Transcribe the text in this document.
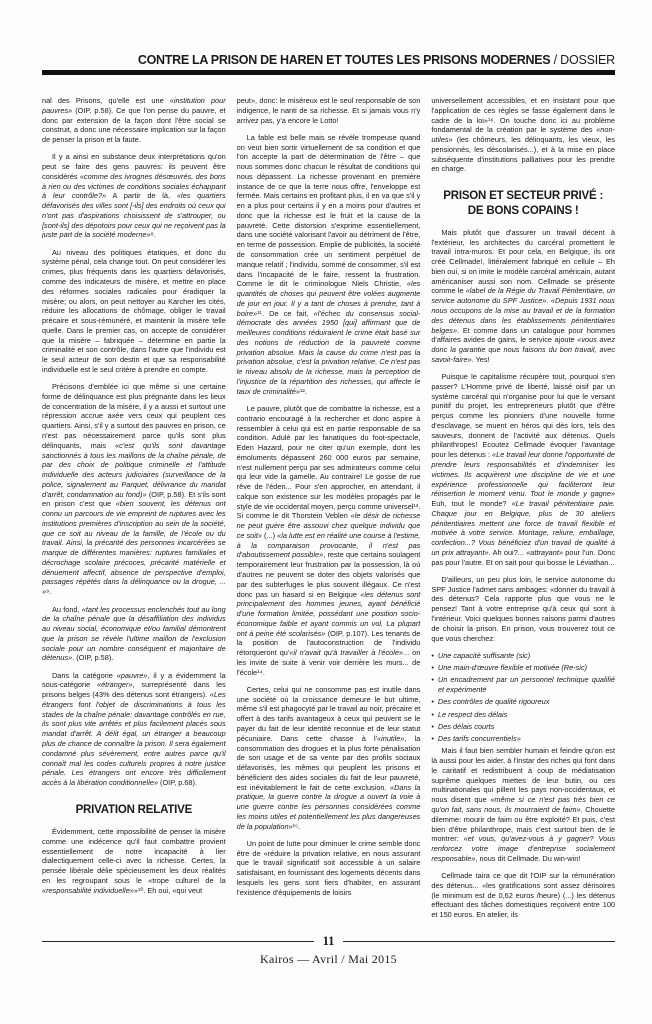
CONTRE LA PRISON DE HAREN ET TOUTES LES PRISONS MODERNES / DOSSIER

nal des Prisons, qu'elle est une «institution pour pauvres» (OIP, p.58). Ce que l'on pense du pauvre, et donc par extension de la façon dont l'être social se construit, a donc une nécessaire implication sur la façon de penser la prison et la faute.

Il y a ainsi en substance deux interprétations qu'on peut se faire des gens pauvres: ils peuvent être considérés «comme des ivrognes désœuvrés, des bons à rien ou des victimes de conditions sociales échappant à leur contrôle?» A partir de là, «les quartiers défavorisés des villes sont [-ils] des endroits où ceux qui n'ont pas d'aspirations choisissent de s'attrouper, ou [sont-ils] des dépotoirs pour ceux qui ne reçoivent pas la juste part de la société moderne»⁸.

Au niveau des politiques étatiques, et donc du système pénal, cela change tout. On peut considérer les crimes, plus fréquents dans les quartiers défavorisés, comme des indicateurs de misère, et mettre en place des réformes sociales radicales pour éradiquer la misère; ou alors, on peut nettoyer au Karcher les cités, réduire les allocations de chômage, obliger le travail précaire et sous-rémunéré, et maintenir la misère telle quelle. Dans le premier cas, on accepte de considérer que la misère – fabriquée – détermine en partie la criminalité et son contrôle, dans l'autre que l'individu est le seul acteur de son destin et que sa responsabilité individuelle est le seul critère à prendre en compte.

Précisons d'emblée ici que même si une certaine forme de délinquance est plus prégnante dans les lieux de concentration de la misère, il y a aussi et surtout une répression accrue axée vers ceux qui peuplent ces quartiers. Ainsi, s'il y a surtout des pauvres en prison, ce n'est pas nécessairement parce qu'ils sont plus délinquants, mais «c'est qu'ils sont davantage sanctionnés à tous les maillons de la chaîne pénale, de par des choix de politique criminelle et l'attitude individuelle des acteurs judiciaires (surveillance de la police, signalement au Parquet, délivrance du mandat d'arrêt, condamnation au fond)» (OIP, p.58). Et s'ils sont en prison c'est que «bien souvent, les détenus ont connu un parcours de vie empreint de ruptures avec les institutions premières d'inscription au sein de la société, que ce soit au niveau de la famille, de l'école ou du travail. Ainsi, la précarité des personnes incarcérées se marque de différentes manières: ruptures familiales et décrochage scolaire précoces, précarité matérielle et dénuement affectif, absence de perspective d'emploi, passages répétés dans la délinquance ou la drogue, ... »⁹.

Au fond, «tant les processus enclenchés tout au long de la chaîne pénale que la désaffiliation des individus au niveau social, économique et/ou familial démontrent que la prison se révèle l'ultime maillon de l'exclusion sociale pour un nombre conséquent et majoritaire de détenus». (OIP, p.58).

Dans la catégorie «pauvre», il y a évidemment la sous-catégorie «étranger», surreprésenté dans les prisons belges (43% des détenus sont étrangers). «Les étrangers font l'objet de discriminations à tous les stades de la chaîne pénale: davantage contrôlés en rue, ils sont plus vite arrêtés et plus facilement placés sous mandat d'arrêt. A délit égal, un étranger a beaucoup plus de chance de connaître la prison. Il sera également condamné plus sévèrement, entre autres parce qu'il connaît mal les codes culturels propres à notre justice pénale. Les étrangers ont encore très difficilement accès à la libération conditionnelle» (OIP, p.68).

PRIVATION RELATIVE

Évidemment, cette impossibilité de penser la misère comme une indécence qu'il faut combattre provient essentiellement de notre incapacité à lier dialectiquement celle-ci avec la richesse. Certes, la pensée libérale délie spécieusement les deux réalités en les regroupant sous le «trope culturel de la «responsabilité individuelle»»¹⁰. Eh oui, «qui veut

peut», donc: le miséreux est le seul responsable de son indigence, le nanti de sa richesse. Et si jamais vous n'y arrivez pas, y'a encore le Lotto!

La fable est belle mais se révèle trompeuse quand on veut bien sortir virtuellement de sa condition et que l'on accepte la part de détermination de l'être – que nous sommes donc chacun le résultat de conditions qui nous dépassent. La richesse provenant en première instance de ce que la terre nous offre, l'enveloppe est fermée. Mais certains en profitant plus, il en va que s'il y en a plus pour certains il y en a moins pour d'autres et donc que la richesse est le fruit et la cause de la pauvreté. Cette distorsion s'exprime essentiellement, dans une société valorisant l'avoir au détriment de l'être, en terme de possession. Emplie de publicités, la société de consommation crée un sentiment perpétuel de manque relatif ; l'individu, sommé de consommer, s'il est dans l'incapacité de le faire, ressent la frustration. Comme le dit le criminologue Niels Christie, «les quantités de choses qui peuvent être volées augmente de jour en jour. Il y a tant de choses à prendre, tant à boire»¹¹. De ce fait, «l'échec du consensus social-démocrate des années 1950 [qui] affirmant que de meilleures conditions réduiraient le crime était basé sur des notions de réduction de la pauvreté comme privation absolue. Mais la cause du crime n'est pas la privation absolue, c'est la privation relative. Ce n'est pas le niveau absolu de la richesse, mais la perception de l'injustice de la répartition des richesses, qui affecte le taux de criminalité»¹².

Le pauvre, plutôt que de combattre la richesse, est a contrario encouragé à la rechercher et donc aspire à ressembler à celui qui est en partie responsable de sa condition. Adulé par les fanatiques du foot-spectacle, Eden Hazard, pour ne citer qu'un exemple, dont les émoluments dépassent 260 000 euros par semaine, n'est nullement perçu par ses admirateurs comme celui qui leur vide la gamelle. Au contraire! Le gosse de rue rêve de l'éden... Pour s'en approcher, en attendant, il calque son existence sur les modèles propagés par le style de vie occidental moyen, perçu comme universel¹³. Si comme le dit Thorstein Veblen «le désir de richesse ne peut guère être assouvi chez quelque individu que ce soit» (...) «la lutte est en réalité une course à l'estime, à la comparaison provocante, il n'est pas d'aboutissement possible», reste que certains soulagent temporairement leur frustration par la possession, là où d'autres ne peuvent se doter des objets valorisés que par des subterfuges le plus souvent illégaux. Ce n'est donc pas un hasard si en Belgique «les détenus sont principalement des hommes jeunes, ayant bénéficié d'une formation limitée, possédant une position socio-économique faible et ayant commis un vol. La plupart ont à peine été scolarisés» (OIP, p.107). Les tenants de la position de l'autoconstruction de l'individu rétorqueront qu'«il n'avait qu'à travailler à l'école»... on les invite de suite à venir voir derrière les murs... de l'école¹⁴.

Certes, celui qui ne consomme pas est inutile dans une société où la croissance demeure le but ultime, même s'il est phagocyté par le travail au noir, précaire et offert à des tarifs avantageux à ceux qui peuvent se le payer du fait de leur identité reconnue et de leur statut pécuniaire. Dans cette chasse à l'«inutile», la consommation des drogues et la plus forte pénalisation de son usage et de sa vente par des profils sociaux défavorisés, les mêmes qui peuplent les prisons et bénéficient des aides sociales du fait de leur pauvreté, est inévitablement le fait de cette exclusion. «Dans la pratique, la guerre contre la drogue a ouvert la voie à une guerre contre les personnes considérées comme les moins utiles et potentiellement les plus dangereuses de la population»¹⁵.

Un point de lutte pour diminuer le crime semble donc être de «réduire la privation relative, en nous assurant que le travail significatif soit accessible à un salaire satisfaisant, en fournissant des logements décents dans lesquels les gens sont fiers d'habiter, en assurant l'existence d'équipements de loisirs

universellement accessibles, et en insistant pour que l'application de ces règles se fasse également dans le cadre de la loi»¹⁶. On touche donc ici au problème fondamental de la création par le système des «non-utiles» (les chômeurs, les délinquants, les vieux, les pensionnés, les déscolarisés...), et à la mise en place subséquente d'institutions palliatives pour les prendre en charge.

PRISON ET SECTEUR PRIVÉ : DE BONS COPAINS !

Mais plutôt que d'assurer un travail décent à l'extérieur, les architectes du carcéral promettent le travail intra-muros. Et pour cela, en Belgique, ils ont créé Cellmade!, littéralement fabriqué en cellule – Eh bien oui, si on imite le modèle carcéral américain, autant américaniser aussi son nom. Cellmade se présente comme le «label de la Régie du Travail Pénitentiaire, un service autonome du SPF Justice». «Depuis 1931 nous nous occupons de la mise au travail et de la formation des détenus dans les établissements pénitentiaires belges». Et comme dans un catalogue pour hommes d'affaires avides de gains, le service ajoute «vous avez donc la garantie que nous faisons du bon travail, avec savoir-faire». Yes!

Puisque le capitalisme récupère tout, pourquoi s'en passer? L'Homme privé de liberté, laissé oisif par un système carcéral qui n'organise pour lui que le versant punitif du projet, les entrepreneurs plutôt que d'être perçus comme les pionniers d'une nouvelle forme d'esclavage, se muent en héros qui dès lors, tels des sauveurs, donnent de l'activité aux détenus. Quels philanthropes! Ecoutez Cellmade évoquer l'avantage pour les détenus : «Le travail leur donne l'opportunité de prendre leurs responsabilités et d'indemniser les victimes. Ils acquièrent une discipline de vie et une expérience professionnelle qui faciliteront leur réinsertion le moment venu. Tout le monde y gagne» Euh, tout le monde? «Le travail pénitentiaire paie. Chaque jour en Belgique, plus de 30 ateliers pénitentiaires mettent une force de travail flexible et motivée à votre service. Montage, reliure, emballage, confection...? Vous bénéficiez d'un travail de qualité à un prix attrayant». Ah oui?... «attrayant» pour l'un. Donc pas pour l'autre. Et on sait pour qui bosse le Léviathan...

D'ailleurs, un peu plus loin, le service autonome du SPF Justice l'admet sans ambages: «donner du travail à des détenus? Cela rapporte plus que vous ne le pensez! Tant à votre entreprise qu'à ceux qui sont à l'intérieur. Voici quelques bonnes raisons parmi d'autres de choisir la prison. En prison, vous trouverez tout ce que vous cherchez:

• Une capacité suffisante (sic)
• Une main-d'œuvre flexible et motivée (Re-sic)
• Un encadrement par un personnel technique qualifié et expérimenté
• Des contrôles de qualité rigoureux
• Le respect des délais
• Des délais courts
• Des tarifs concurrentiels»

Mais il faut bien sembler humain et feindre qu'on est là aussi pour les aider, à l'instar des riches qui font dans le caritatif et redistribuent à coup de médiatisation suprême quelques miettes de leur butin, ou ces multinationales qui pillent les pays non-occidentaux, et nous disent que «même si ce n'est pas très bien ce qu'on fait, sans nous, ils mourraient de faim». Chouette dilemme: mourir de faim ou être exploité? Et puis, c'est bien d'être philanthrope, mais c'est surtout bien de le montrer: «et vous, qu'avez-vous à y gagner? Vous renforcez votre image d'entreprise socialement responsable», nous dit Cellmade. Du win-win!

Cellmade taira ce que dit l'OIP sur la rémunération des détenus... «les gratifications sont assez dérisoires (le minimum est de 0,62 euros /heure) (...) les détenus effectuant des tâches domestiques reçoivent entre 100 et 150 euros. En atelier, ils

11
Kairos — Avril / Mai 2015
